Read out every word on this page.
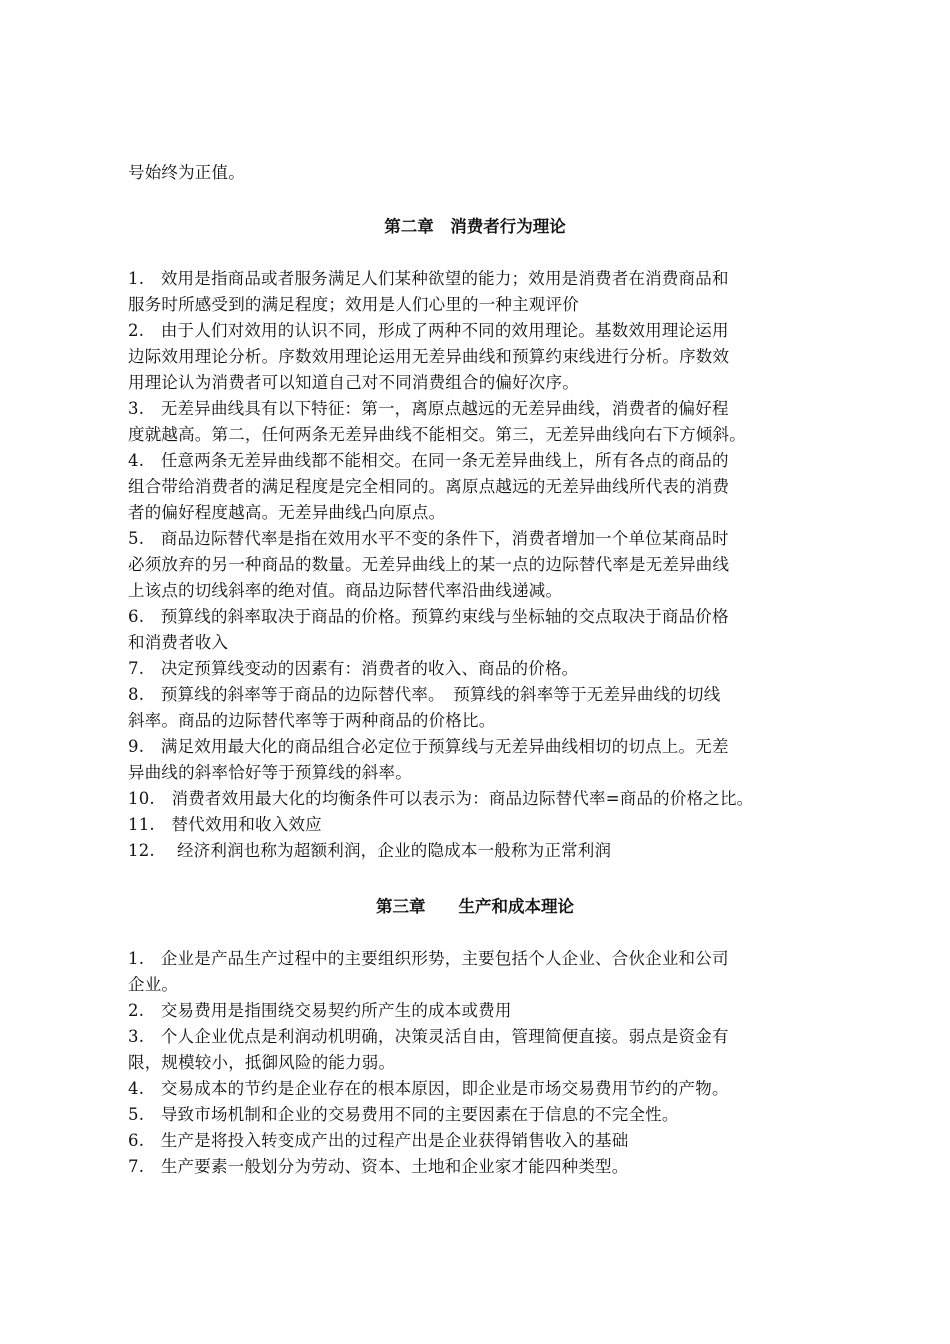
号始终为正值。
第二章　消费者行为理论
1.　效用是指商品或者服务满足人们某种欲望的能力；效用是消费者在消费商品和
服务时所感受到的满足程度；效用是人们心里的一种主观评价
2.　由于人们对效用的认识不同，形成了两种不同的效用理论。基数效用理论运用
边际效用理论分析。序数效用理论运用无差异曲线和预算约束线进行分析。序数效
用理论认为消费者可以知道自己对不同消费组合的偏好次序。
3.　无差异曲线具有以下特征：第一，离原点越远的无差异曲线，消费者的偏好程
度就越高。第二，任何两条无差异曲线不能相交。第三，无差异曲线向右下方倾斜。
4.　任意两条无差异曲线都不能相交。在同一条无差异曲线上，所有各点的商品的
组合带给消费者的满足程度是完全相同的。离原点越远的无差异曲线所代表的消费
者的偏好程度越高。无差异曲线凸向原点。
5.　商品边际替代率是指在效用水平不变的条件下，消费者增加一个单位某商品时
必须放弃的另一种商品的数量。无差异曲线上的某一点的边际替代率是无差异曲线
上该点的切线斜率的绝对值。商品边际替代率沿曲线递减。
6.　预算线的斜率取决于商品的价格。预算约束线与坐标轴的交点取决于商品价格
和消费者收入
7.　决定预算线变动的因素有：消费者的收入、商品的价格。
8.　预算线的斜率等于商品的边际替代率。　预算线的斜率等于无差异曲线的切线
斜率。商品的边际替代率等于两种商品的价格比。
9.　满足效用最大化的商品组合必定位于预算线与无差异曲线相切的切点上。无差
异曲线的斜率恰好等于预算线的斜率。
10.　消费者效用最大化的均衡条件可以表示为：商品边际替代率=商品的价格之比。
11.　替代效用和收入效应
12.　 经济利润也称为超额利润，企业的隐成本一般称为正常利润
第三章　　生产和成本理论
1.　企业是产品生产过程中的主要组织形势，主要包括个人企业、合伙企业和公司
企业。
2.　交易费用是指围绕交易契约所产生的成本或费用
3.　个人企业优点是利润动机明确，决策灵活自由，管理简便直接。弱点是资金有
限，规模较小，抵御风险的能力弱。
4.　交易成本的节约是企业存在的根本原因，即企业是市场交易费用节约的产物。
5.　导致市场机制和企业的交易费用不同的主要因素在于信息的不完全性。
6.　生产是将投入转变成产出的过程产出是企业获得销售收入的基础
7.　生产要素一般划分为劳动、资本、土地和企业家才能四种类型。
